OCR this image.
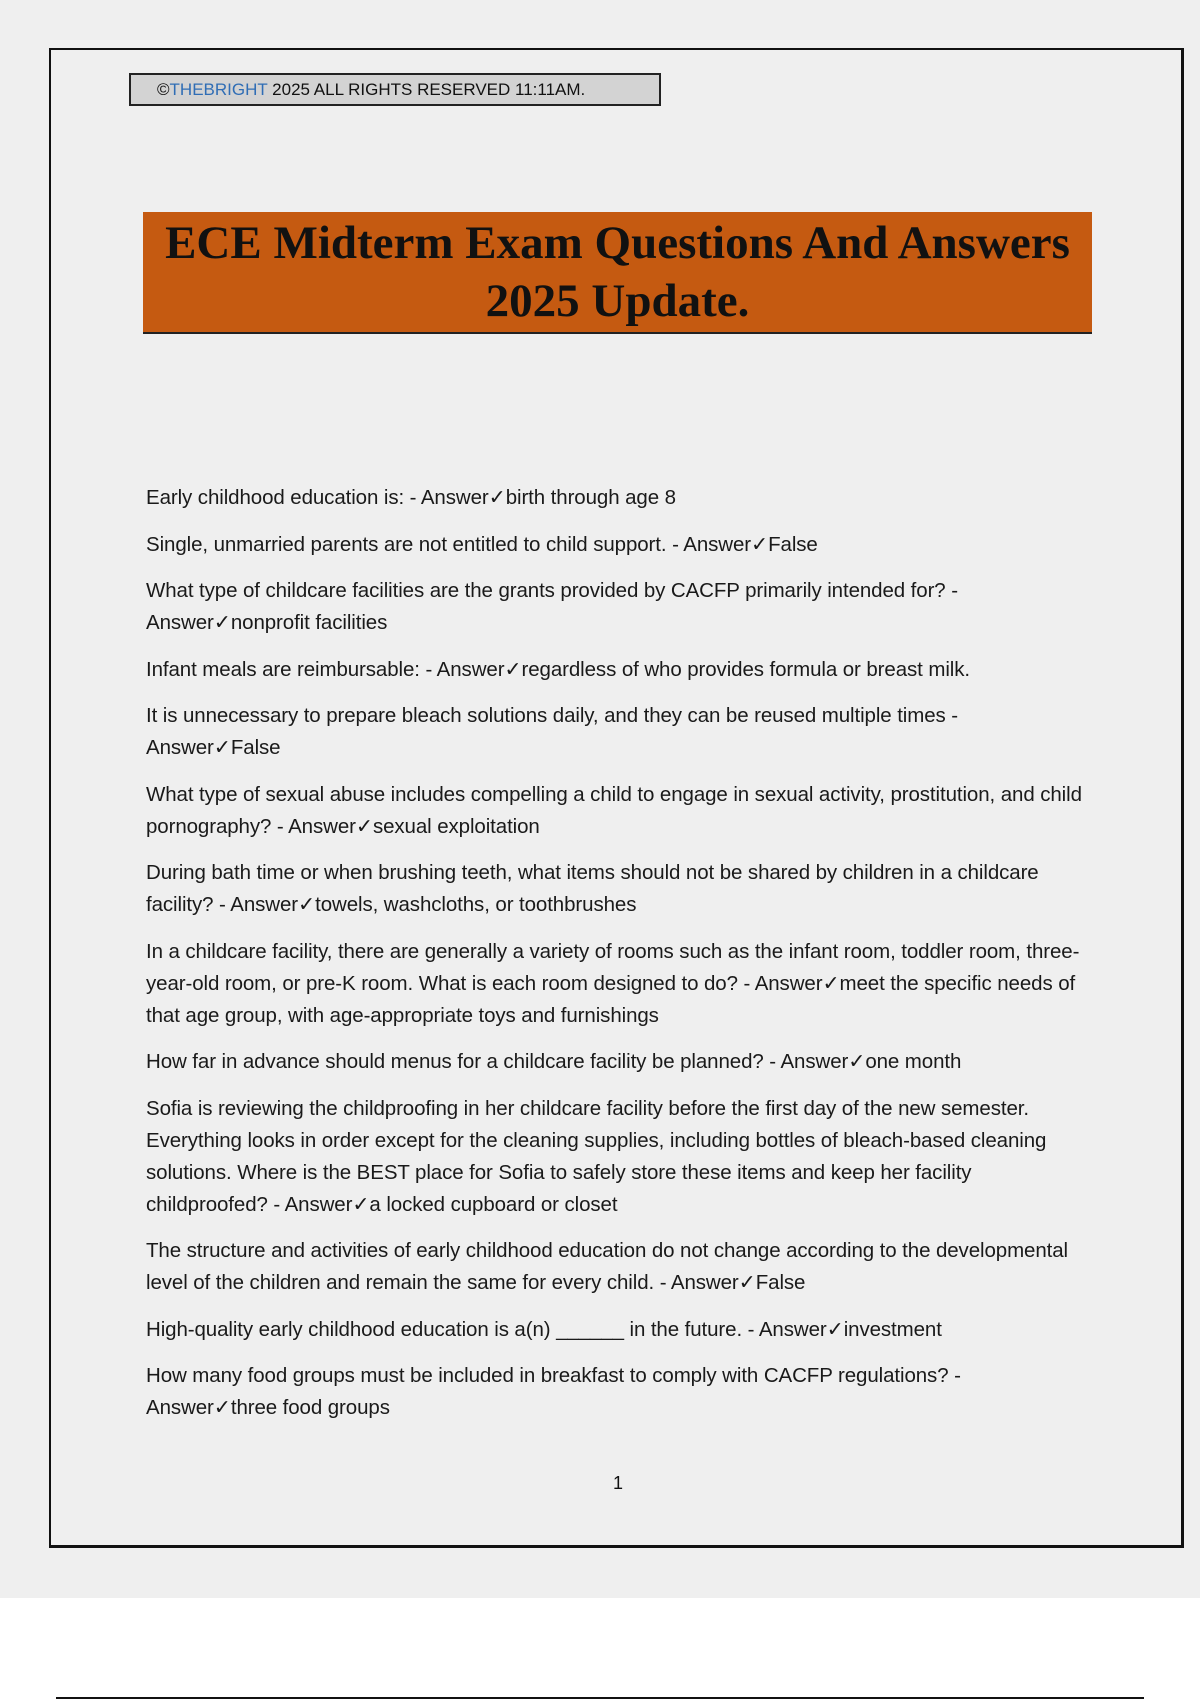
©THEBRIGHT 2025 ALL RIGHTS RESERVED 11:11AM.
ECE Midterm Exam Questions And Answers
2025 Update.

Early childhood education is: - Answer✓birth through age 8

Single, unmarried parents are not entitled to child support. - Answer✓False

What type of childcare facilities are the grants provided by CACFP primarily intended for? - Answer✓nonprofit facilities

Infant meals are reimbursable: - Answer✓regardless of who provides formula or breast milk.

It is unnecessary to prepare bleach solutions daily, and they can be reused multiple times - Answer✓False

What type of sexual abuse includes compelling a child to engage in sexual activity, prostitution, and child pornography? - Answer✓sexual exploitation

During bath time or when brushing teeth, what items should not be shared by children in a childcare facility? - Answer✓towels, washcloths, or toothbrushes

In a childcare facility, there are generally a variety of rooms such as the infant room, toddler room, three-year-old room, or pre-K room. What is each room designed to do? - Answer✓meet the specific needs of that age group, with age-appropriate toys and furnishings

How far in advance should menus for a childcare facility be planned? - Answer✓one month

Sofia is reviewing the childproofing in her childcare facility before the first day of the new semester. Everything looks in order except for the cleaning supplies, including bottles of bleach-based cleaning solutions. Where is the BEST place for Sofia to safely store these items and keep her facility childproofed? - Answer✓a locked cupboard or closet

The structure and activities of early childhood education do not change according to the developmental level of the children and remain the same for every child. - Answer✓False

High-quality early childhood education is a(n) ______ in the future. - Answer✓investment

How many food groups must be included in breakfast to comply with CACFP regulations? - Answer✓three food groups

1
